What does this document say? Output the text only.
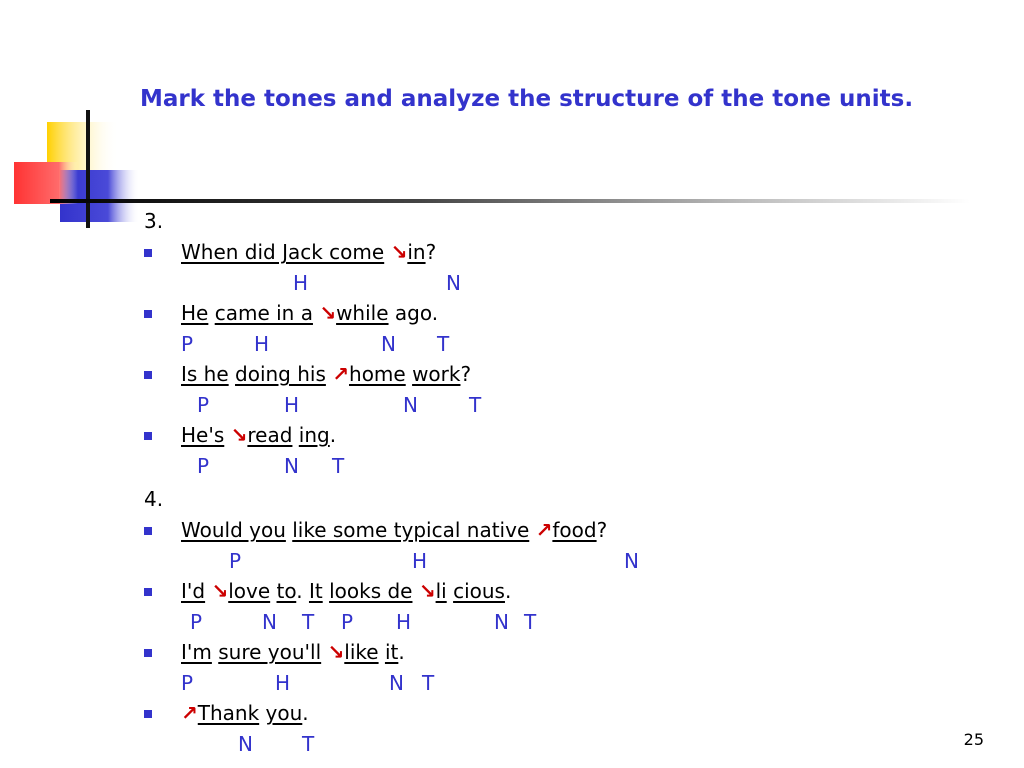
Mark the tones and analyze the structure of the tone units.
3.
When did Jack come ↘in?
H	N
He came in a ↘while ago.
P	H	N T
Is he doing his ↗home work?
P	H	N	T
He's ↘read ing.
P	N T
4.
Would you like some typical native ↗food?
P	H	N
I'd ↘love to. It looks de ↘li cious.
P	N T P H	N T
I'm sure you'll ↘like it.
P	H	N T
↗Thank you.
N T	25
